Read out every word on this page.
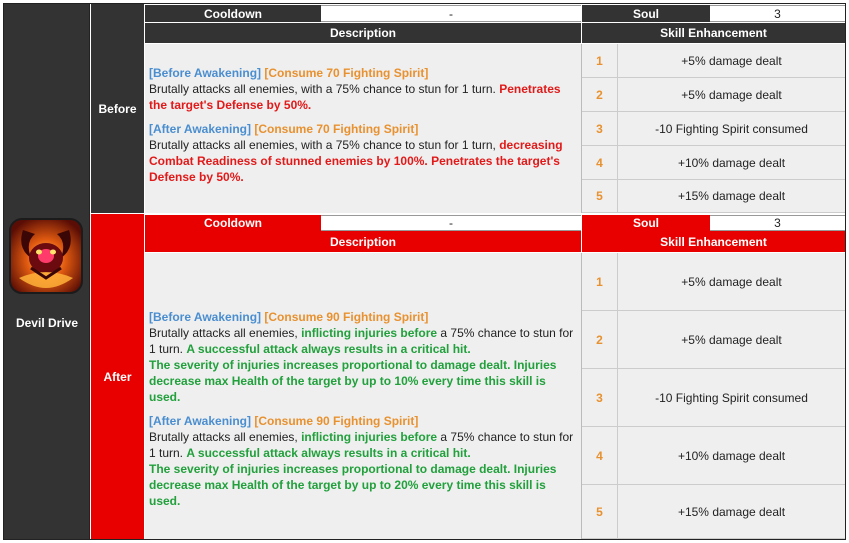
Devil Drive
Before
Cooldown	-	Soul	3
Description	Skill Enhancement

[Before Awakening] [Consume 70 Fighting Spirit]

Brutally attacks all enemies, with a 75% chance to stun for 1 turn. Penetrates the target's Defense by 50%.

[After Awakening] [Consume 70 Fighting Spirit]

Brutally attacks all enemies, with a 75% chance to stun for 1 turn, decreasing Combat Readiness of stunned enemies by 100%. Penetrates the target's Defense by 50%.

1	+5% damage dealt
2	+5% damage dealt
3	-10 Fighting Spirit consumed
4	+10% damage dealt
5	+15% damage dealt
After
Cooldown	-	Soul	3
Description	Skill Enhancement

[Before Awakening] [Consume 90 Fighting Spirit]

Brutally attacks all enemies, inflicting injuries before a 75% chance to stun for 1 turn. A successful attack always results in a critical hit.

The severity of injuries increases proportional to damage dealt. Injuries decrease max Health of the target by up to 10% every time this skill is used.

[After Awakening] [Consume 90 Fighting Spirit]

Brutally attacks all enemies, inflicting injuries before a 75% chance to stun for 1 turn. A successful attack always results in a critical hit.

The severity of injuries increases proportional to damage dealt. Injuries decrease max Health of the target by up to 20% every time this skill is used.

1	+5% damage dealt
2	+5% damage dealt
3	-10 Fighting Spirit consumed
4	+10% damage dealt
5	+15% damage dealt
